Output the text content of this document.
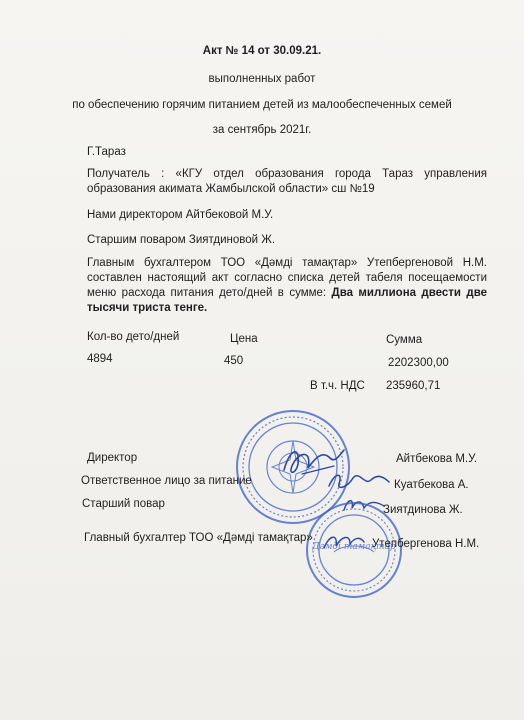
Акт № 14 от 30.09.21.
выполненных работ
по обеспечению горячим питанием детей из малообеспеченных семей
за сентябрь 2021г.
Г.Тараз
Получатель : «КГУ отдел образования города Тараз управления образования акимата Жамбылской области» сш №19
Нами директором Айтбековой М.У.
Старшим поваром Зиятдиновой Ж.
Главным бухгалтером ТОО «Дәмді тамақтар» Утепбергеновой Н.М. составлен настоящий акт согласно списка детей табеля посещаемости меню расхода питания дето/дней в сумме: Два миллиона двести две тысячи триста тенге.
Кол-во дето/дней	Цена	Сумма
4894	450	2202300,00
В т.ч. НДС 235960,71
Дәмді тамақтар
Директор	Айтбекова М.У.
Ответственное лицо за питание	Куатбекова А.
Старший повар	Зиятдинова Ж.
Главный бухгалтер ТОО «Дәмді тамақтар»	Утепбергенова Н.М.
